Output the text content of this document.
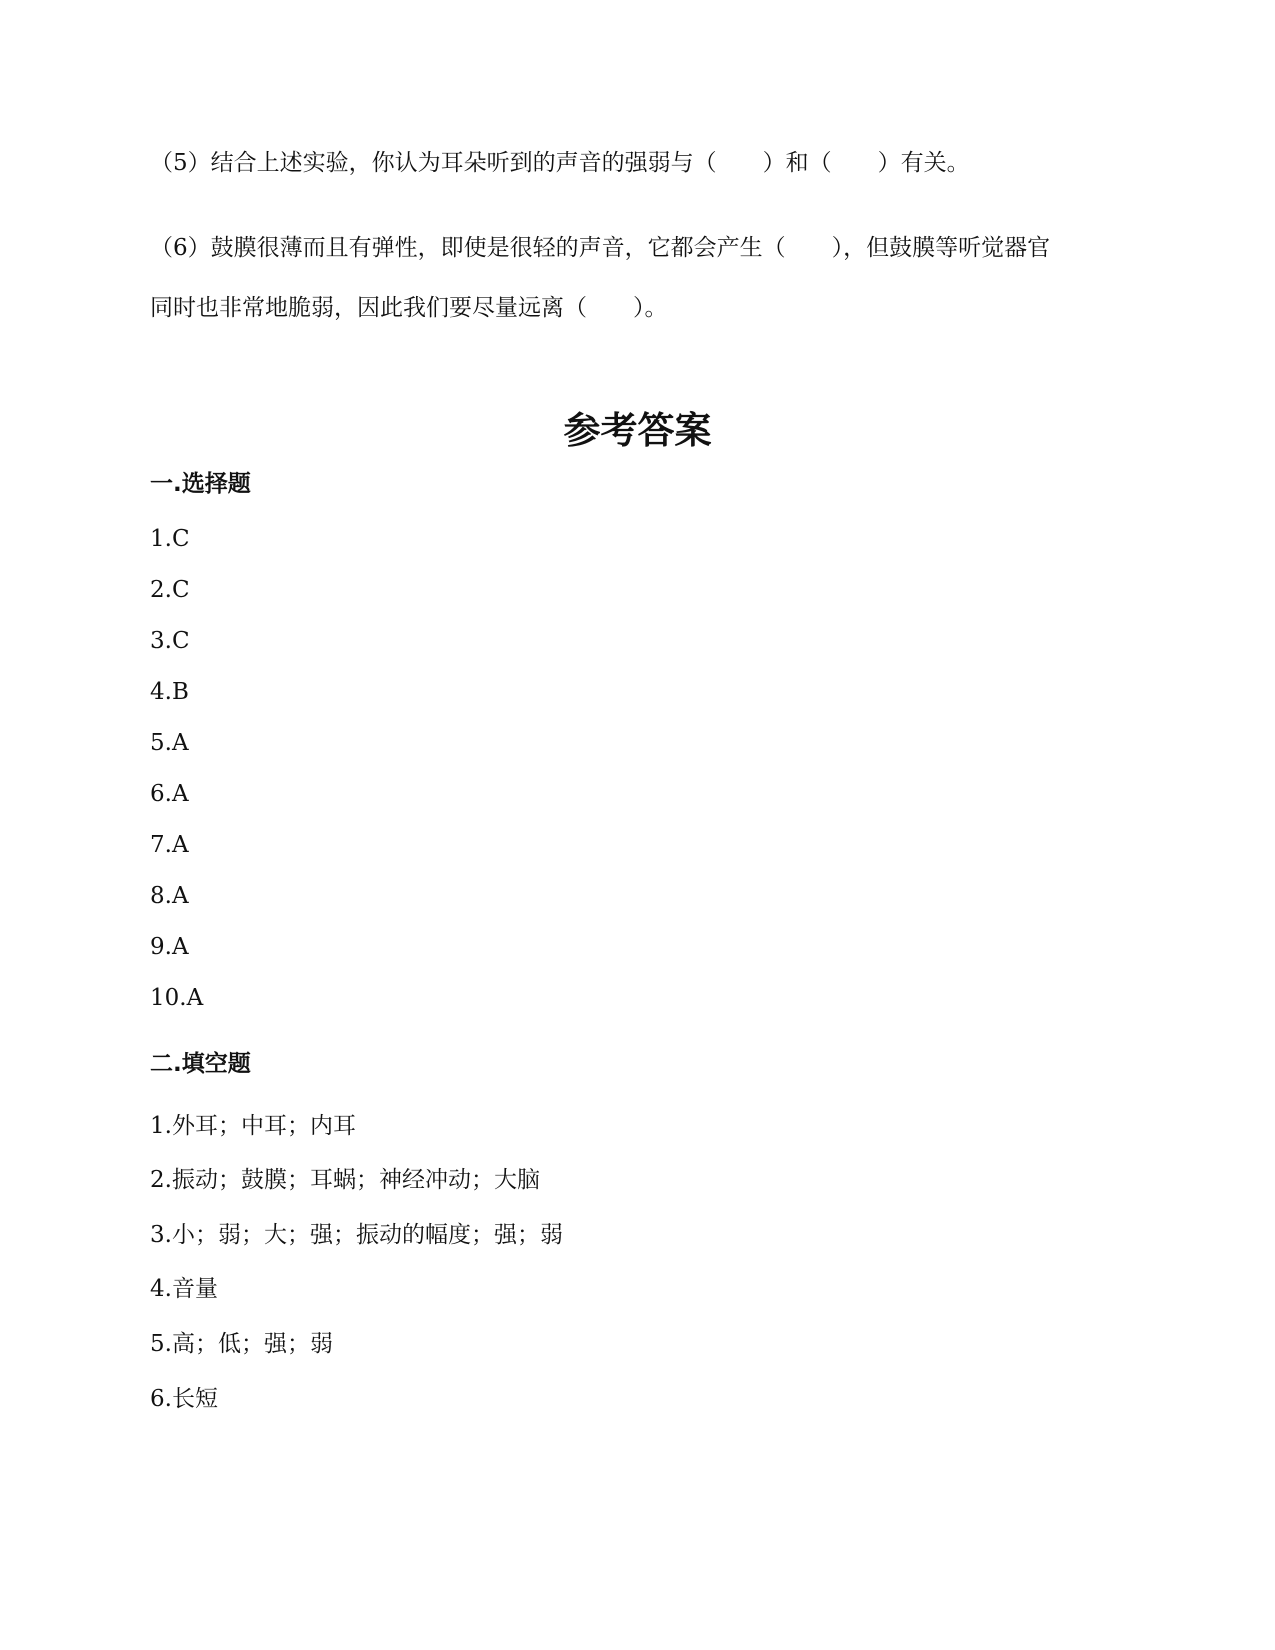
（5）结合上述实验，你认为耳朵听到的声音的强弱与（　　）和（　　）有关。
（6）鼓膜很薄而且有弹性，即使是很轻的声音，它都会产生（　　），但鼓膜等听觉器官
同时也非常地脆弱，因此我们要尽量远离（　　）。
参考答案
一.选择题
1.C
2.C
3.C
4.B
5.A
6.A
7.A
8.A
9.A
10.A
二.填空题
1.外耳；中耳；内耳
2.振动；鼓膜；耳蜗；神经冲动；大脑
3.小；弱；大；强；振动的幅度；强；弱
4.音量
5.高；低；强；弱
6.长短
